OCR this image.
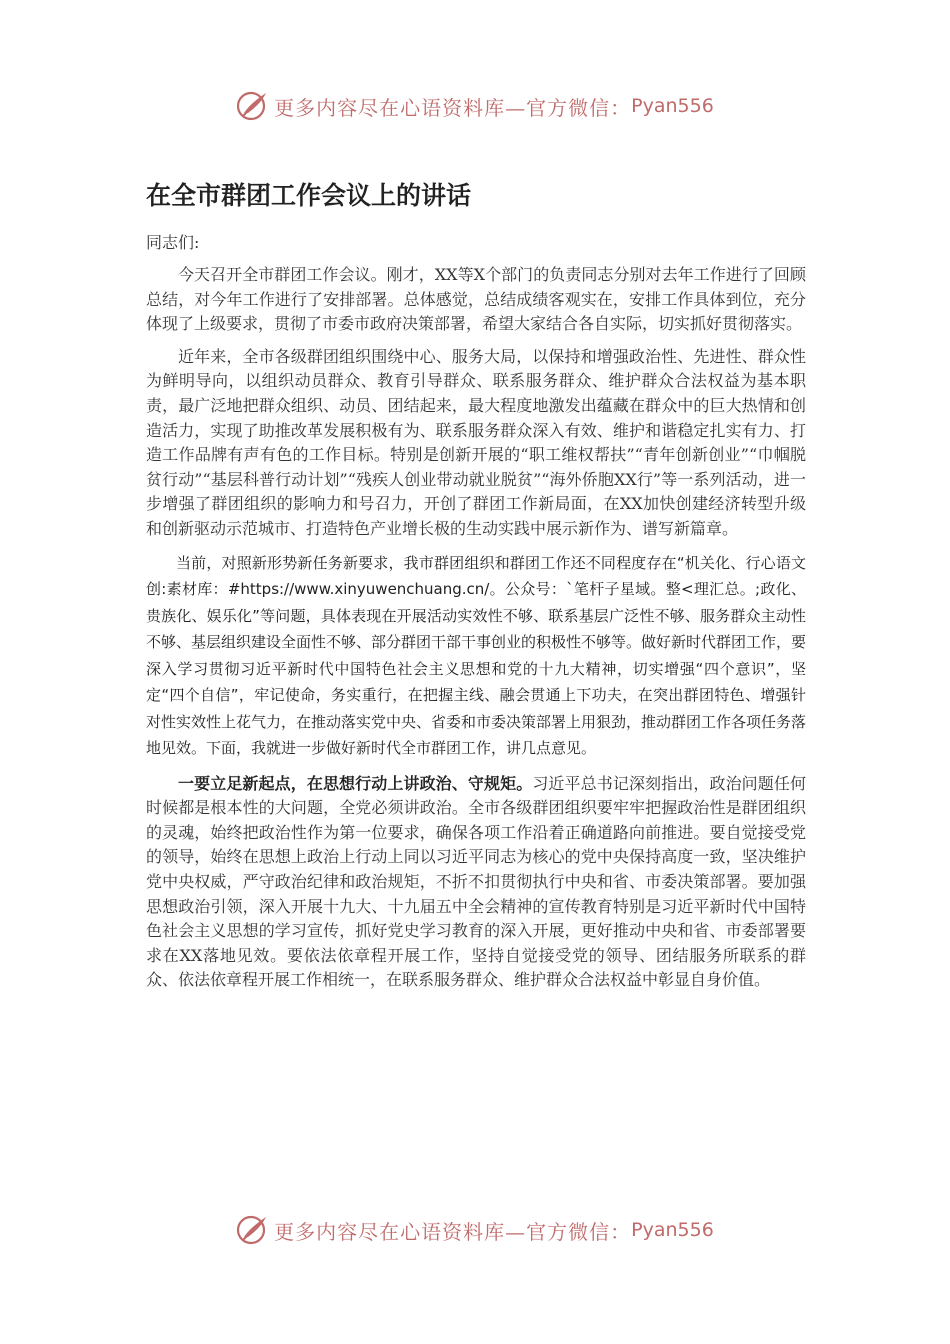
更多内容尽在心语资料库—官方微信： Pyan556
在全市群团工作会议上的讲话

同志们:

今天召开全市群团工作会议。刚才，XX等X个部门的负责同志分别对去年工作进行了回顾总结，对今年工作进行了安排部署。总体感觉，总结成绩客观实在，安排工作具体到位，充分体现了上级要求，贯彻了市委市政府决策部署，希望大家结合各自实际，切实抓好贯彻落实。

近年来，全市各级群团组织围绕中心、服务大局，以保持和增强政治性、先进性、群众性为鲜明导向，以组织动员群众、教育引导群众、联系服务群众、维护群众合法权益为基本职责，最广泛地把群众组织、动员、团结起来，最大程度地激发出蕴藏在群众中的巨大热情和创造活力，实现了助推改革发展积极有为、联系服务群众深入有效、维护和谐稳定扎实有力、打造工作品牌有声有色的工作目标。特别是创新开展的“职工维权帮扶”“青年创新创业”“巾帼脱贫行动”“基层科普行动计划”“残疾人创业带动就业脱贫”“海外侨胞XX行”等一系列活动，进一步增强了群团组织的影响力和号召力，开创了群团工作新局面，在XX加快创建经济转型升级和创新驱动示范城市、打造特色产业增长极的生动实践中展示新作为、谱写新篇章。

当前，对照新形势新任务新要求，我市群团组织和群团工作还不同程度存在“机关化、行心语文创:素材库：#https://www.xinyuwenchuang.cn/。公众号：`笔杆子星域。整<理汇总。;政化、贵族化、娱乐化”等问题，具体表现在开展活动实效性不够、联系基层广泛性不够、服务群众主动性不够、基层组织建设全面性不够、部分群团干部干事创业的积极性不够等。做好新时代群团工作，要深入学习贯彻习近平新时代中国特色社会主义思想和党的十九大精神，切实增强“四个意识”，坚定“四个自信”，牢记使命，务实重行，在把握主线、融会贯通上下功夫，在突出群团特色、增强针对性实效性上花气力，在推动落实党中央、省委和市委决策部署上用狠劲，推动群团工作各项任务落地见效。下面，我就进一步做好新时代全市群团工作，讲几点意见。

一要立足新起点，在思想行动上讲政治、守规矩。习近平总书记深刻指出，政治问题任何时候都是根本性的大问题，全党必须讲政治。全市各级群团组织要牢牢把握政治性是群团组织的灵魂，始终把政治性作为第一位要求，确保各项工作沿着正确道路向前推进。要自觉接受党的领导，始终在思想上政治上行动上同以习近平同志为核心的党中央保持高度一致，坚决维护党中央权威，严守政治纪律和政治规矩，不折不扣贯彻执行中央和省、市委决策部署。要加强思想政治引领，深入开展十九大、十九届五中全会精神的宣传教育特别是习近平新时代中国特色社会主义思想的学习宣传，抓好党史学习教育的深入开展，更好推动中央和省、市委部署要求在XX落地见效。要依法依章程开展工作，坚持自觉接受党的领导、团结服务所联系的群众、依法依章程开展工作相统一，在联系服务群众、维护群众合法权益中彰显自身价值。

更多内容尽在心语资料库—官方微信： Pyan556
